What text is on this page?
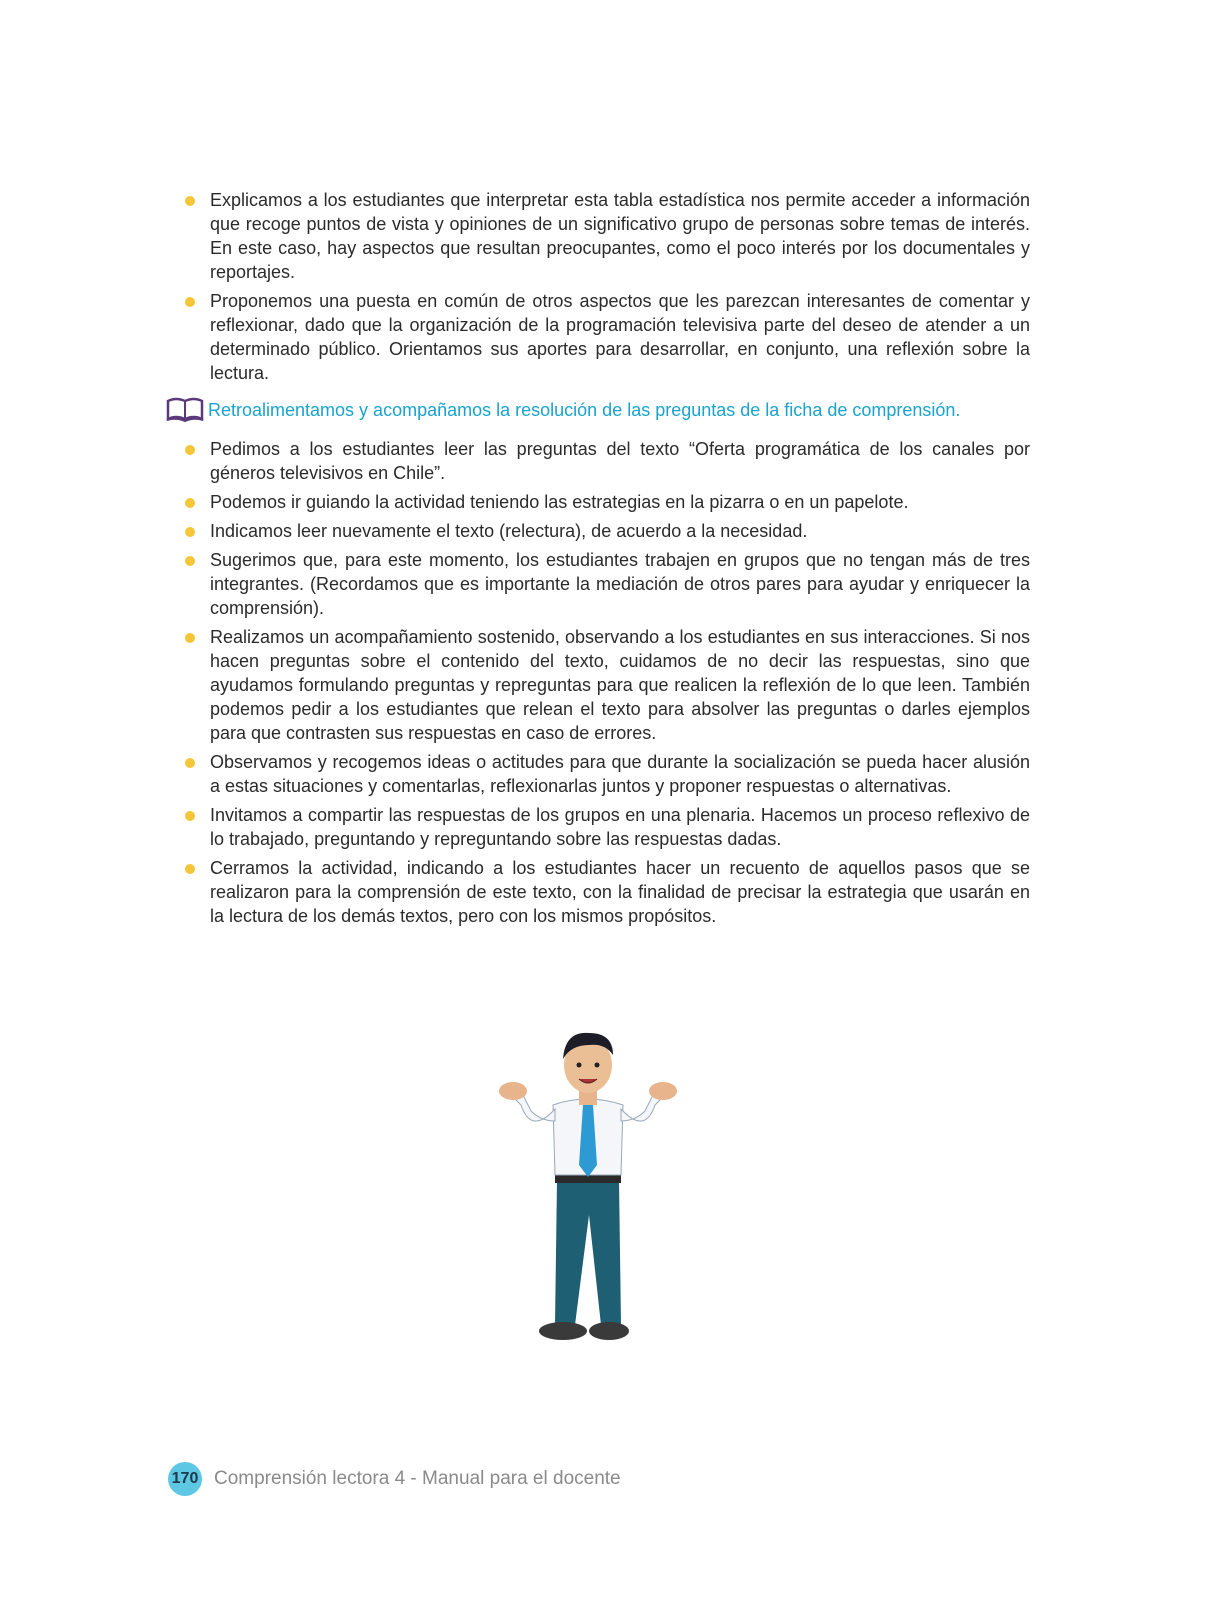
Explicamos a los estudiantes que interpretar esta tabla estadística nos permite acceder a información que recoge puntos de vista y opiniones de un significativo grupo de personas sobre temas de interés. En este caso, hay aspectos que resultan preocupantes, como el poco interés por los documentales y reportajes.
Proponemos una puesta en común de otros aspectos que les parezcan interesantes de comentar y reflexionar, dado que la organización de la programación televisiva parte del deseo de atender a un determinado público. Orientamos sus aportes para desarrollar, en conjunto, una reflexión sobre la lectura.
Retroalimentamos y acompañamos la resolución de las preguntas de la ficha de comprensión.
Pedimos a los estudiantes leer las preguntas del texto “Oferta programática de los canales por géneros televisivos en Chile”.
Podemos ir guiando la actividad teniendo las estrategias en la pizarra o en un papelote.
Indicamos leer nuevamente el texto (relectura), de acuerdo a la necesidad.
Sugerimos que, para este momento, los estudiantes trabajen en grupos que no tengan más de tres integrantes. (Recordamos que es importante la mediación de otros pares para ayudar y enriquecer la comprensión).
Realizamos un acompañamiento sostenido, observando a los estudiantes en sus interacciones. Si nos hacen preguntas sobre el contenido del texto, cuidamos de no decir las respuestas, sino que ayudamos formulando preguntas y repreguntas para que realicen la reflexión de lo que leen. También podemos pedir a los estudiantes que relean el texto para absolver las preguntas o darles ejemplos para que contrasten sus respuestas en caso de errores.
Observamos y recogemos ideas o actitudes para que durante la socialización se pueda hacer alusión a estas situaciones y comentarlas, reflexionarlas juntos y proponer respuestas o alternativas.
Invitamos a compartir las respuestas de los grupos en una plenaria. Hacemos un proceso reflexivo de lo trabajado, preguntando y repreguntando sobre las respuestas dadas.
Cerramos la actividad, indicando a los estudiantes hacer un recuento de aquellos pasos que se realizaron para la comprensión de este texto, con la finalidad de precisar la estrategia que usarán en la lectura de los demás textos, pero con los mismos propósitos.
170 Comprensión lectora 4 - Manual para el docente
